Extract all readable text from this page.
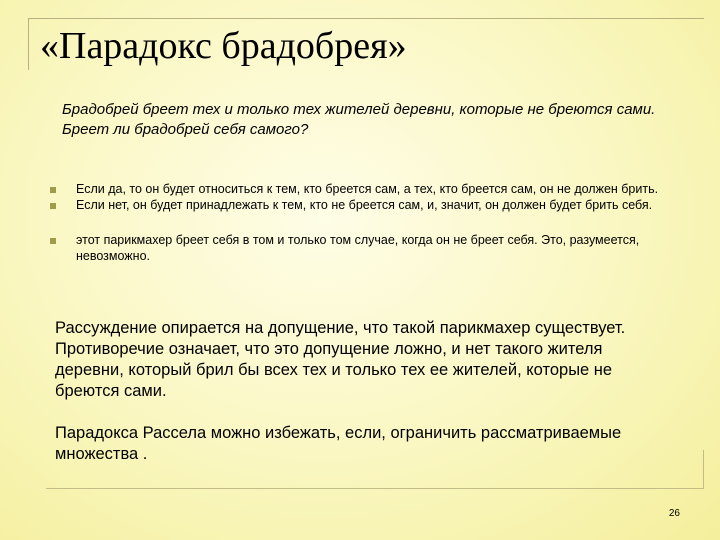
«Парадокс брадобрея»
Брадобрей бреет тех и только тех жителей деревни, которые не бреются сами.
Бреет ли брадобрей себя самого?
Если да, то он будет относиться к тем, кто бреется сам, а тех, кто бреется сам, он не должен брить.
Если нет, он будет принадлежать к тем, кто не бреется сам, и, значит, он должен будет брить себя.
этот парикмахер бреет себя в том и только том случае, когда он не бреет себя. Это, разумеется, невозможно.

Рассуждение опирается на допущение, что такой парикмахер существует.

Противоречие означает, что это допущение ложно, и нет такого жителя деревни, который брил бы всех тех и только тех ее жителей, которые не бреются сами.

Парадокса Рассела можно избежать, если, ограничить рассматриваемые множества .

26
